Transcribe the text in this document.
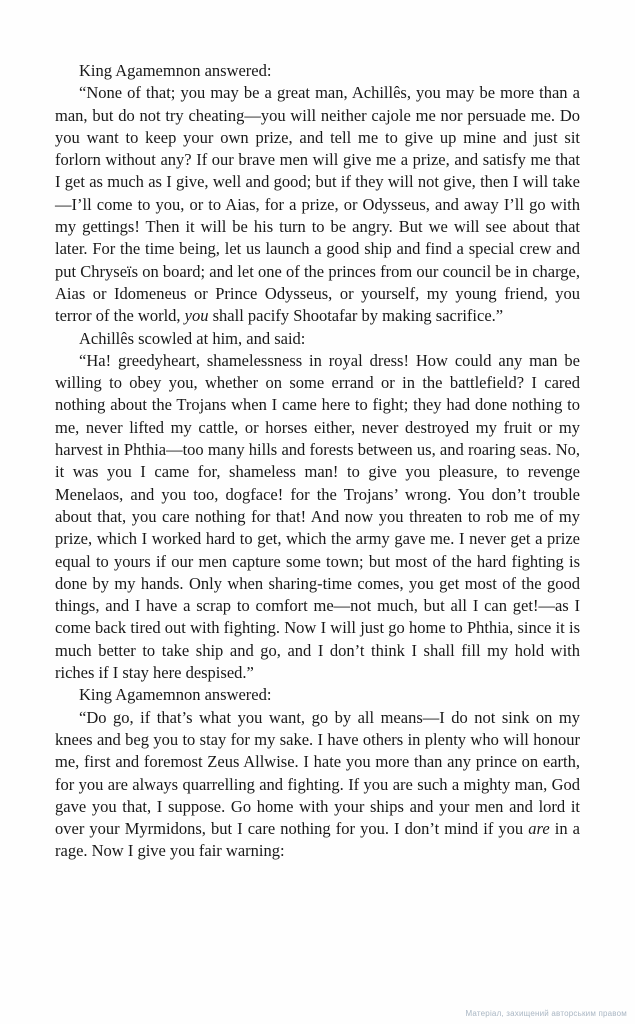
King Agamemnon answered:

“None of that; you may be a great man, Achillês, you may be more than a man, but do not try cheating—you will neither cajole me nor persuade me. Do you want to keep your own prize, and tell me to give up mine and just sit forlorn without any? If our brave men will give me a prize, and satisfy me that I get as much as I give, well and good; but if they will not give, then I will take—I’ll come to you, or to Aias, for a prize, or Odysseus, and away I’ll go with my gettings! Then it will be his turn to be angry. But we will see about that later. For the time being, let us launch a good ship and find a special crew and put Chryseïs on board; and let one of the princes from our council be in charge, Aias or Idomeneus or Prince Odysseus, or yourself, my young friend, you terror of the world, you shall pacify Shootafar by making sacrifice.”

Achillês scowled at him, and said:

“Ha! greedyheart, shamelessness in royal dress! How could any man be willing to obey you, whether on some errand or in the battlefield? I cared nothing about the Trojans when I came here to fight; they had done nothing to me, never lifted my cattle, or horses either, never destroyed my fruit or my harvest in Phthia—too many hills and forests between us, and roaring seas. No, it was you I came for, shameless man! to give you pleasure, to revenge Menelaos, and you too, dogface! for the Trojans’ wrong. You don’t trouble about that, you care nothing for that! And now you threaten to rob me of my prize, which I worked hard to get, which the army gave me. I never get a prize equal to yours if our men capture some town; but most of the hard fighting is done by my hands. Only when sharing-time comes, you get most of the good things, and I have a scrap to comfort me—not much, but all I can get!—as I come back tired out with fighting. Now I will just go home to Phthia, since it is much better to take ship and go, and I don’t think I shall fill my hold with riches if I stay here despised.”

King Agamemnon answered:

“Do go, if that’s what you want, go by all means—I do not sink on my knees and beg you to stay for my sake. I have others in plenty who will honour me, first and foremost Zeus Allwise. I hate you more than any prince on earth, for you are always quarrelling and fighting. If you are such a mighty man, God gave you that, I suppose. Go home with your ships and your men and lord it over your Myrmidons, but I care nothing for you. I don’t mind if you are in a rage. Now I give you fair warning:

Матеріал, захищений авторським правом
